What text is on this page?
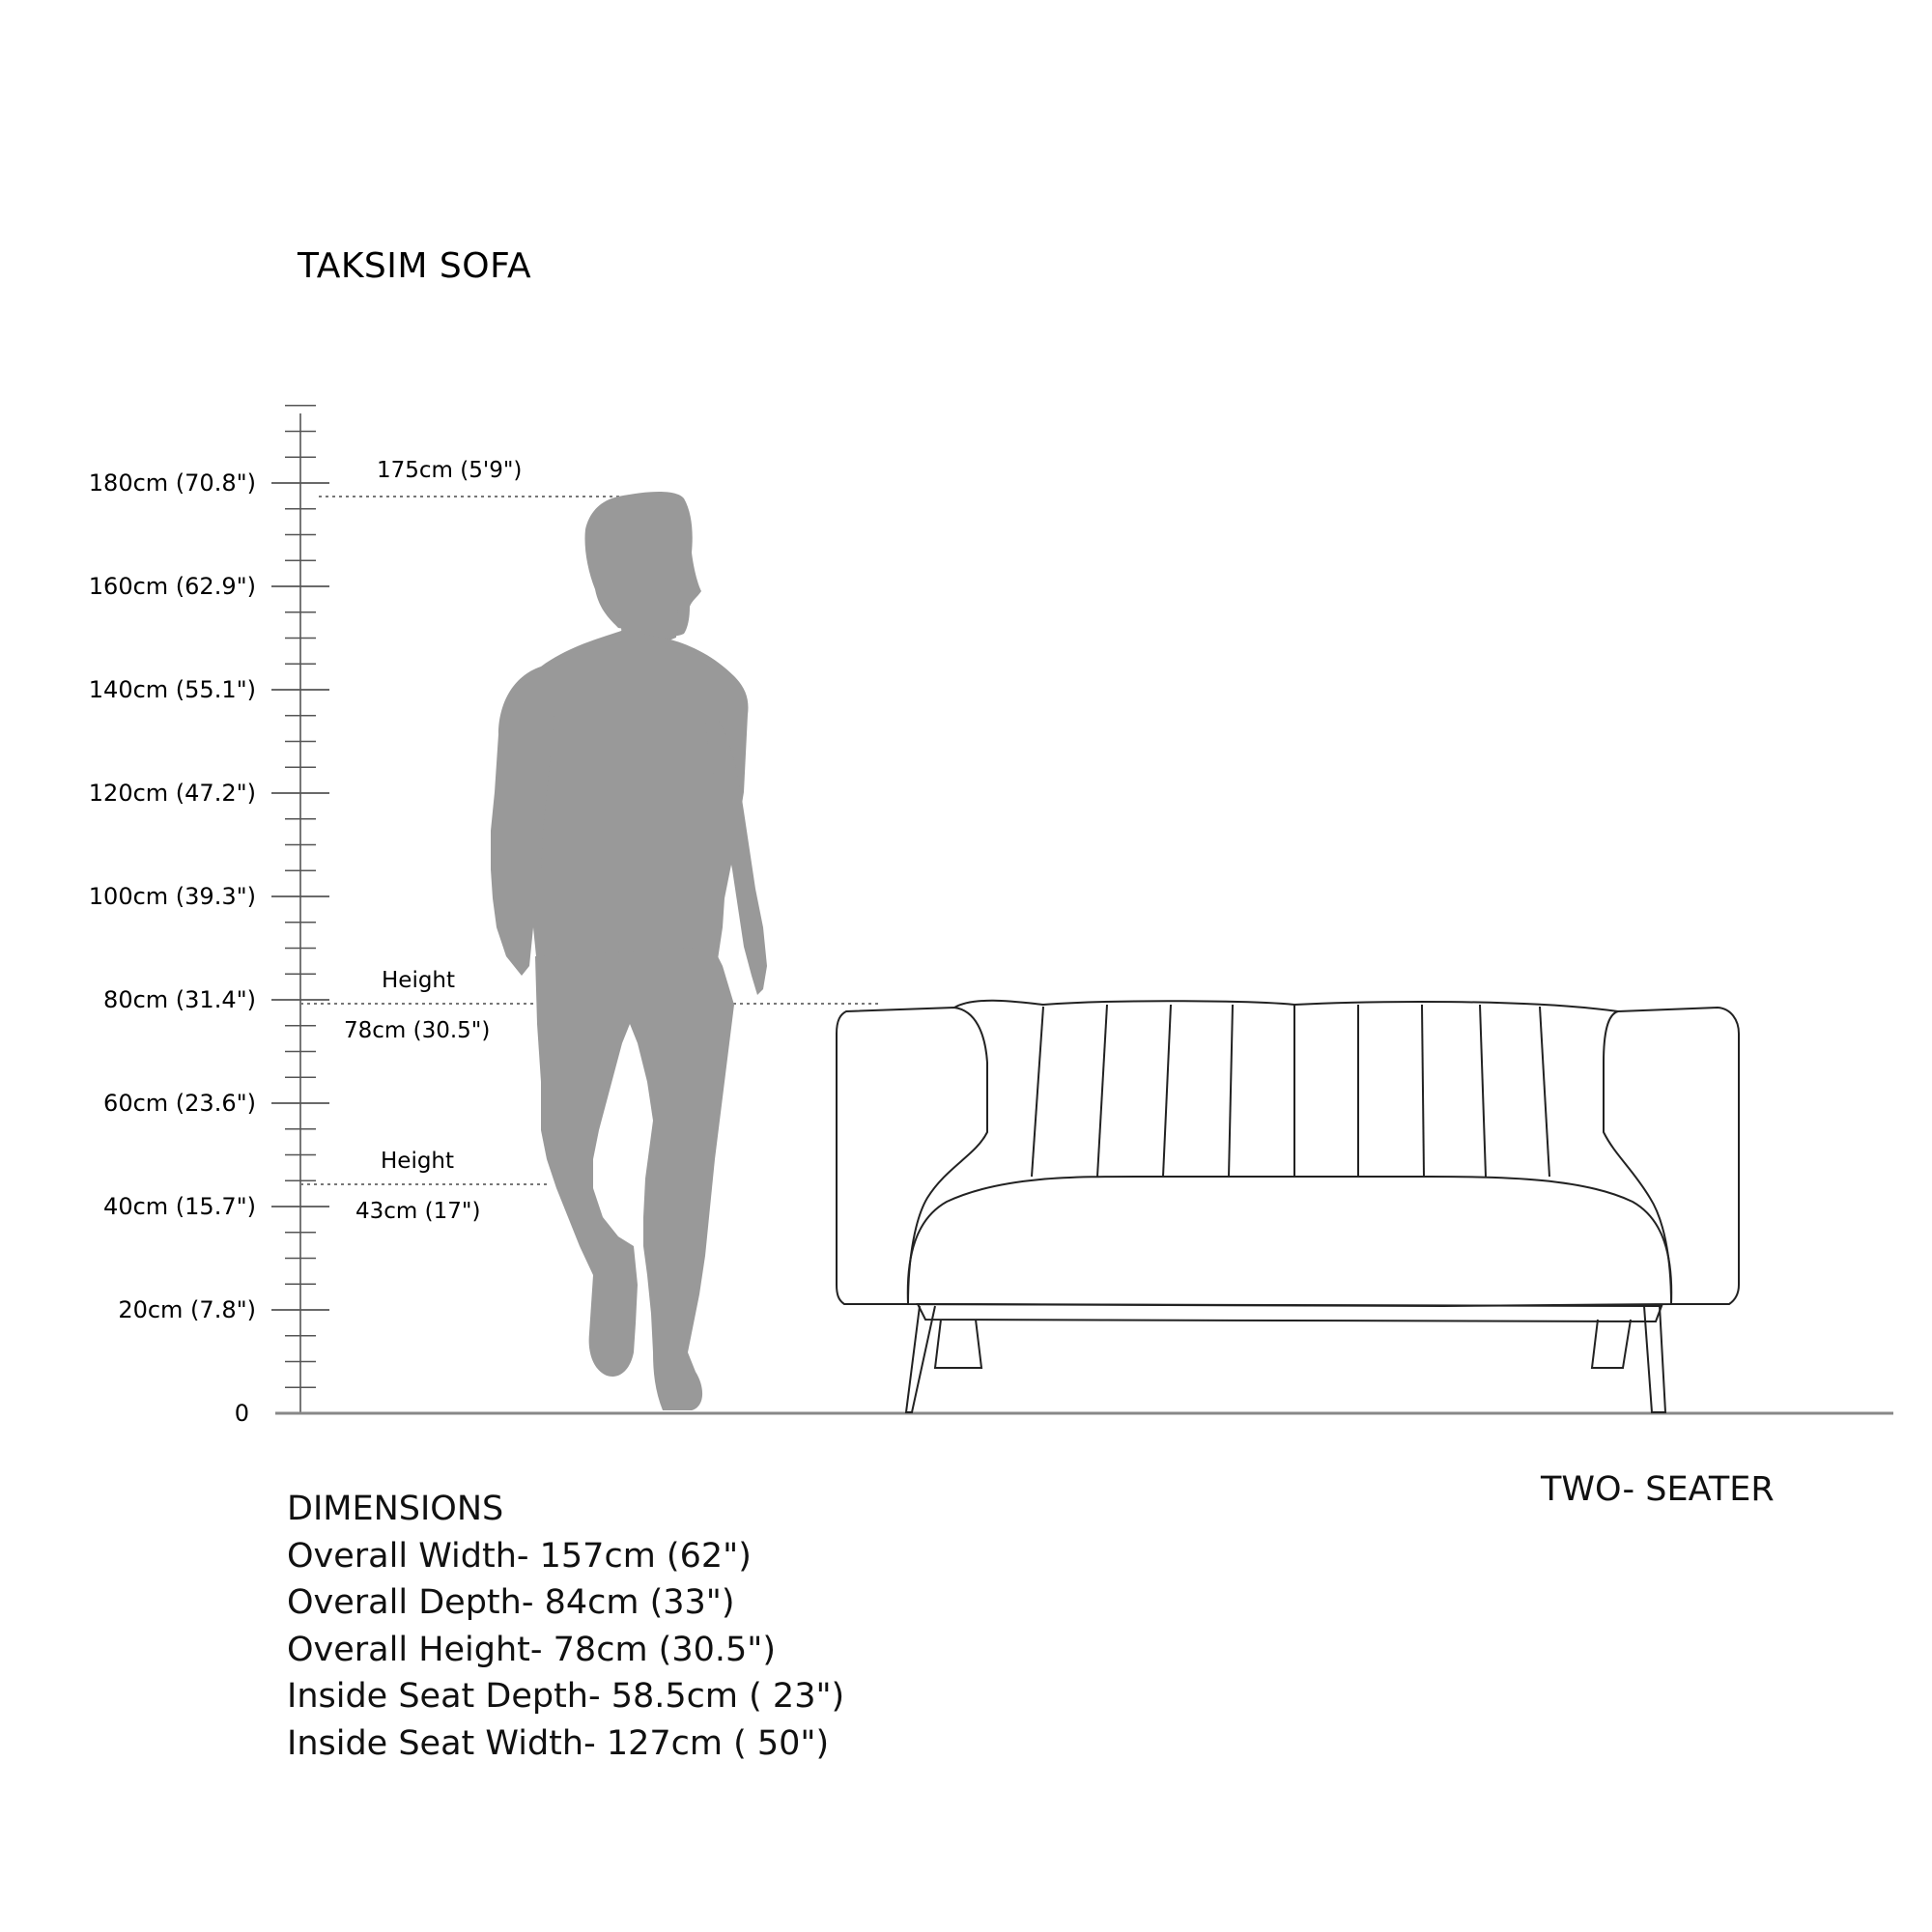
TAKSIM SOFA
180cm (70.8")
160cm (62.9")
140cm (55.1")
120cm (47.2")
100cm (39.3")
80cm (31.4")
60cm (23.6")
40cm (15.7")
20cm (7.8")
0
175cm (5'9")
Height
78cm (30.5")
Height
43cm (17")
DIMENSIONS
Overall Width- 157cm (62")
Overall Depth- 84cm (33")
Overall Height- 78cm (30.5")
Inside Seat Depth- 58.5cm ( 23")
Inside Seat Width- 127cm ( 50")
TWO- SEATER
